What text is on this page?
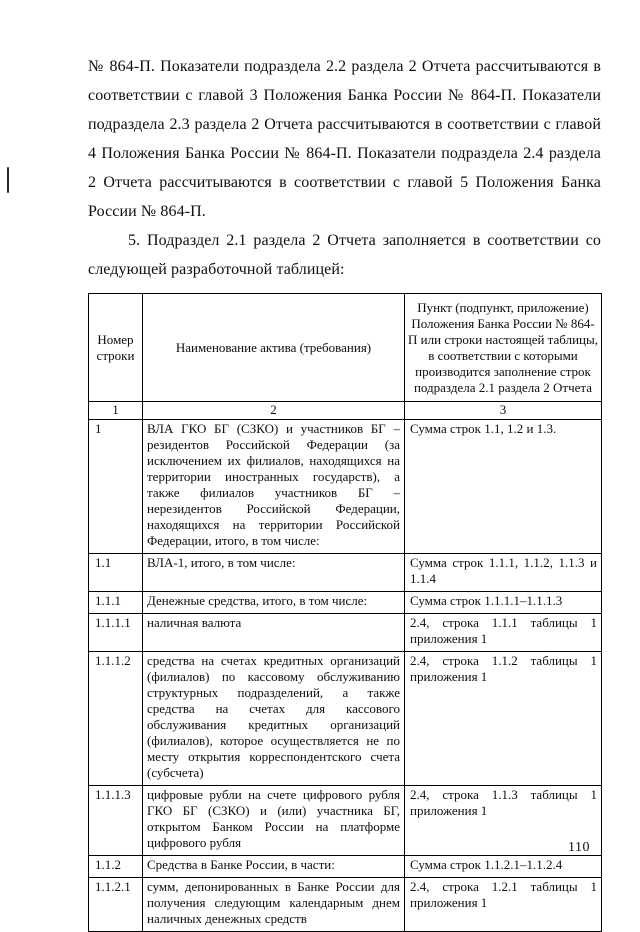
№ 864-П. Показатели подраздела 2.2 раздела 2 Отчета рассчитываются в соответствии с главой 3 Положения Банка России № 864-П. Показатели подраздела 2.3 раздела 2 Отчета рассчитываются в соответствии с главой 4 Положения Банка России № 864-П. Показатели подраздела 2.4 раздела 2 Отчета рассчитываются в соответствии с главой 5 Положения Банка России № 864-П.

5. Подраздел 2.1 раздела 2 Отчета заполняется в соответствии со следующей разработочной таблицей:

Номер строки	Наименование актива (требования)	Пункт (подпункт, приложение) Положения Банка России № 864-П или строки настоящей таблицы, в соответствии с которыми производится заполнение строк подраздела 2.1 раздела 2 Отчета
1	2	3
1	ВЛА ГКО БГ (СЗКО) и участников БГ – резидентов Российской Федерации (за исключением их филиалов, находящихся на территории иностранных государств), а также филиалов участников БГ – нерезидентов Российской Федерации, находящихся на территории Российской Федерации, итого, в том числе:	Сумма строк 1.1, 1.2 и 1.3.
1.1	ВЛА-1, итого, в том числе:	Сумма строк 1.1.1, 1.1.2, 1.1.3 и 1.1.4
1.1.1	Денежные средства, итого, в том числе:	Сумма строк 1.1.1.1–1.1.1.3
1.1.1.1	наличная валюта	2.4, строка 1.1.1 таблицы 1 приложения 1
1.1.1.2	средства на счетах кредитных организаций (филиалов) по кассовому обслуживанию структурных подразделений, а также средства на счетах для кассового обслуживания кредитных организаций (филиалов), которое осуществляется не по месту открытия корреспондентского счета (субсчета)	2.4, строка 1.1.2 таблицы 1 приложения 1
1.1.1.3	цифровые рубли на счете цифрового рубля ГКО БГ (СЗКО) и (или) участника БГ, открытом Банком России на платформе цифрового рубля	2.4, строка 1.1.3 таблицы 1 приложения 1
1.1.2	Средства в Банке России, в части:	Сумма строк 1.1.2.1–1.1.2.4
1.1.2.1	сумм, депонированных в Банке России для получения следующим календарным днем наличных денежных средств	2.4, строка 1.2.1 таблицы 1 приложения 1
110
